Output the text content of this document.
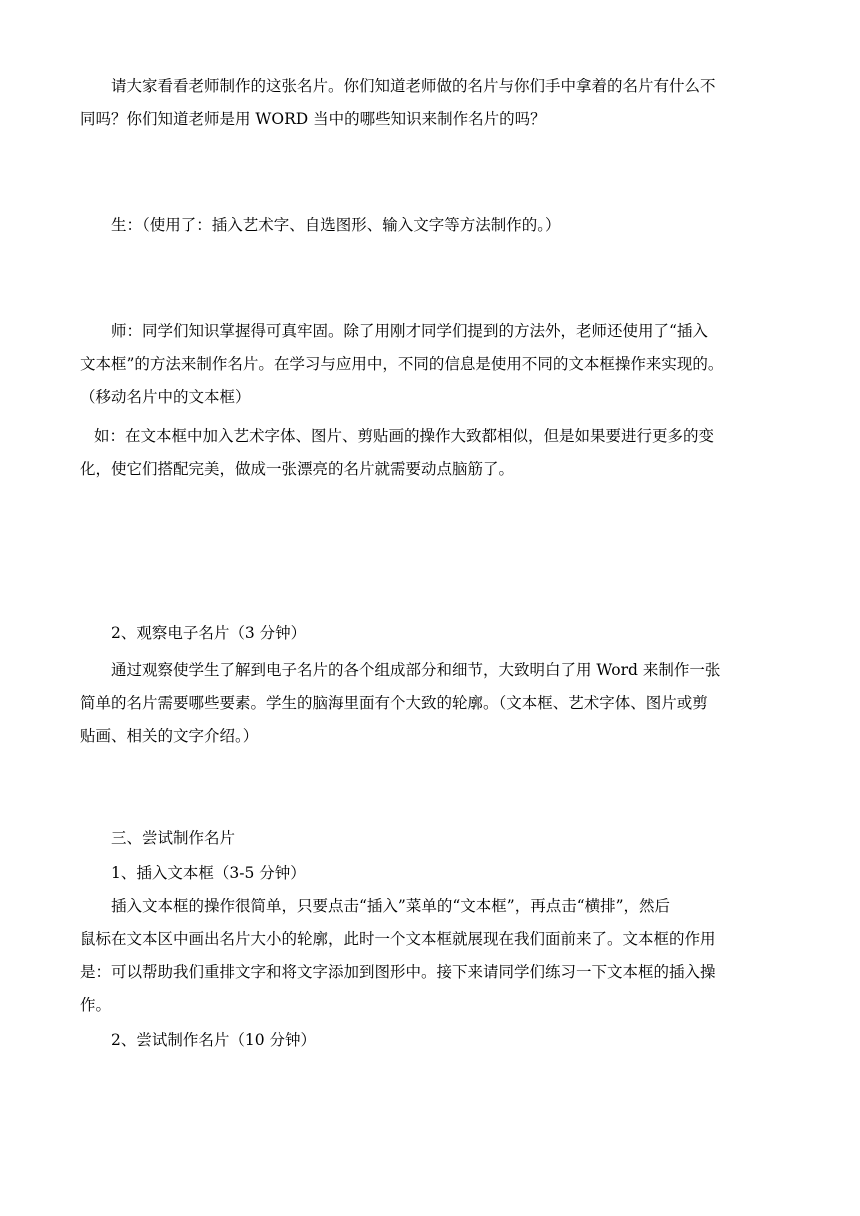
请大家看看老师制作的这张名片。你们知道老师做的名片与你们手中拿着的名片有什么不
同吗？你们知道老师是用 WORD 当中的哪些知识来制作名片的吗？
生：（使用了：插入艺术字、自选图形、输入文字等方法制作的。）
师：同学们知识掌握得可真牢固。除了用刚才同学们提到的方法外，老师还使用了“插入
文本框”的方法来制作名片。在学习与应用中，不同的信息是使用不同的文本框操作来实现的。
（移动名片中的文本框）
如：在文本框中加入艺术字体、图片、剪贴画的操作大致都相似，但是如果要进行更多的变
化，使它们搭配完美，做成一张漂亮的名片就需要动点脑筋了。
2、观察电子名片（3 分钟）
通过观察使学生了解到电子名片的各个组成部分和细节，大致明白了用 Word 来制作一张
简单的名片需要哪些要素。学生的脑海里面有个大致的轮廓。（文本框、艺术字体、图片或剪
贴画、相关的文字介绍。）
三、尝试制作名片
1、插入文本框（3-5 分钟）
插入文本框的操作很简单，只要点击“插入”菜单的“文本框”，再点击“横排”，然后
鼠标在文本区中画出名片大小的轮廓，此时一个文本框就展现在我们面前来了。文本框的作用
是：可以帮助我们重排文字和将文字添加到图形中。接下来请同学们练习一下文本框的插入操
作。
2、尝试制作名片（10 分钟）
